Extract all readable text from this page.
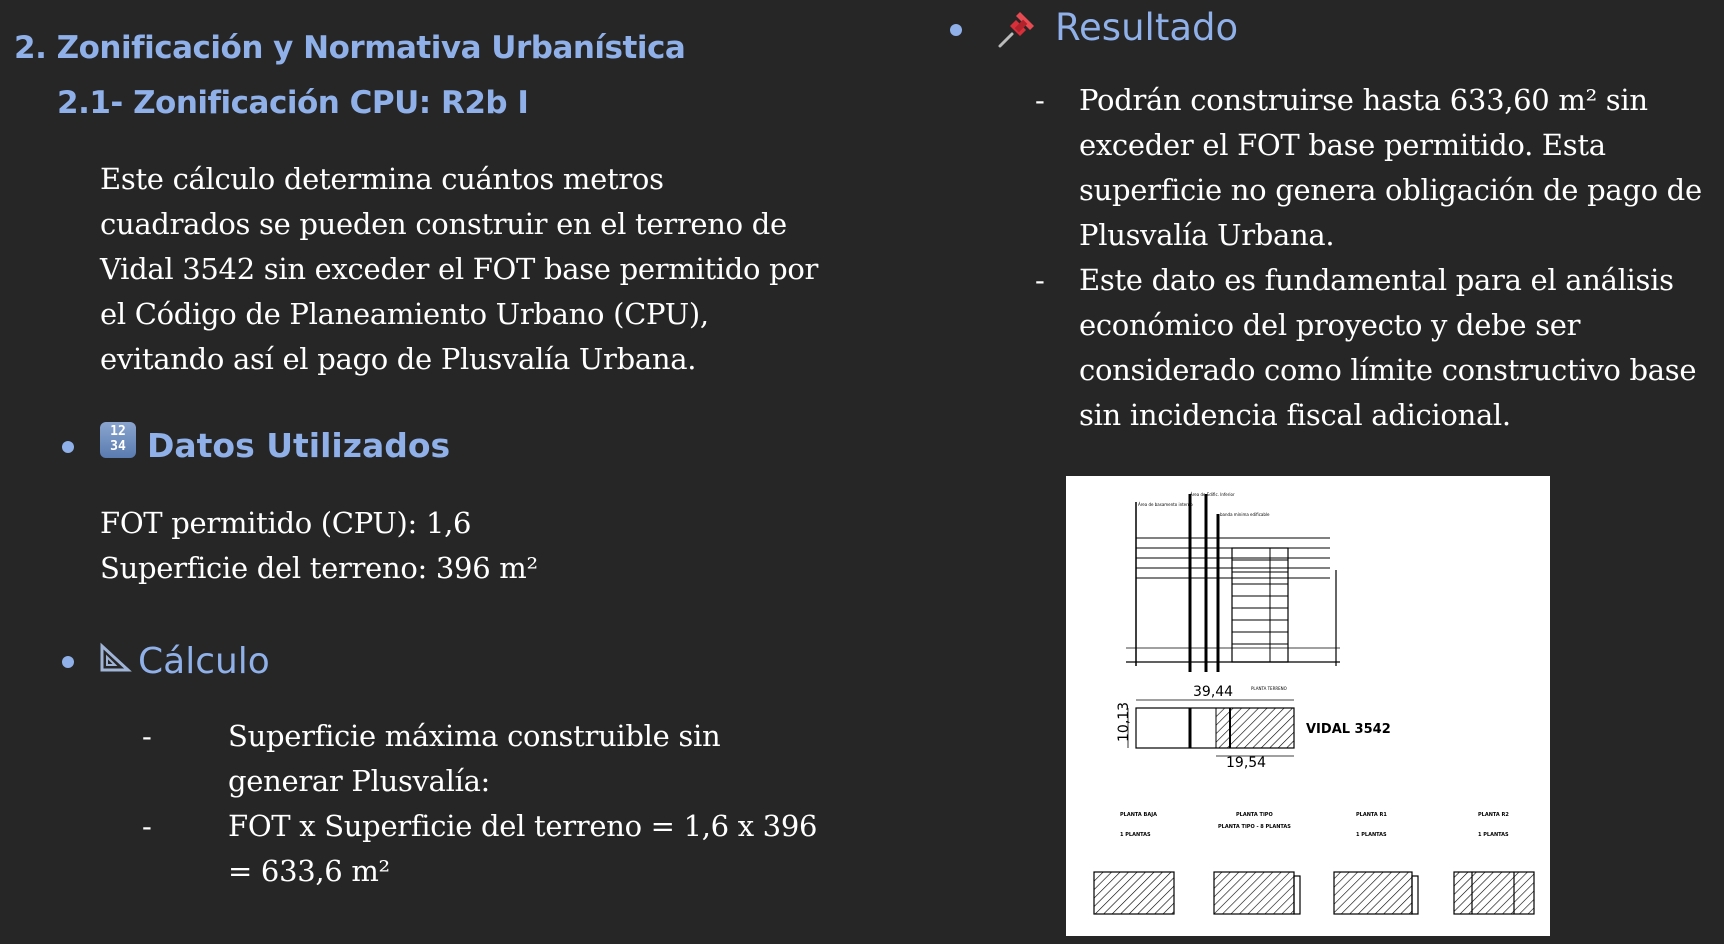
2. Zonificación y Normativa Urbanística
2.1- Zonificación CPU: R2b I
Este cálculo determina cuántos metros cuadrados se pueden construir en el terreno de Vidal 3542 sin exceder el FOT base permitido por el Código de Planeamiento Urbano (CPU), evitando así el pago de Plusvalía Urbana.
12
34 Datos Utilizados
FOT permitido (CPU): 1,6
Superficie del terreno: 396 m²
Cálculo
-	Superficie máxima construible sin generar Plusvalía:
-	FOT x Superficie del terreno = 1,6 x 396 = 633,6 m²
Resultado
- Podrán construirse hasta 633,60 m² sin exceder el FOT base permitido. Esta superficie no genera obligación de pago de Plusvalía Urbana.
- Este dato es fundamental para el análisis económico del proyecto y debe ser considerado como límite constructivo base sin incidencia fiscal adicional.
Área de basamento interno
Área de Edific. Inferior
banda mínima edificable
39,44
19,54
10,13	VIDAL 3542
PLANTA TERRENO
PLANTA BAJA
1 PLANTAS
PLANTA TIPO
PLANTA TIPO - 8 PLANTAS
PLANTA R1
1 PLANTAS
PLANTA R2
1 PLANTAS
